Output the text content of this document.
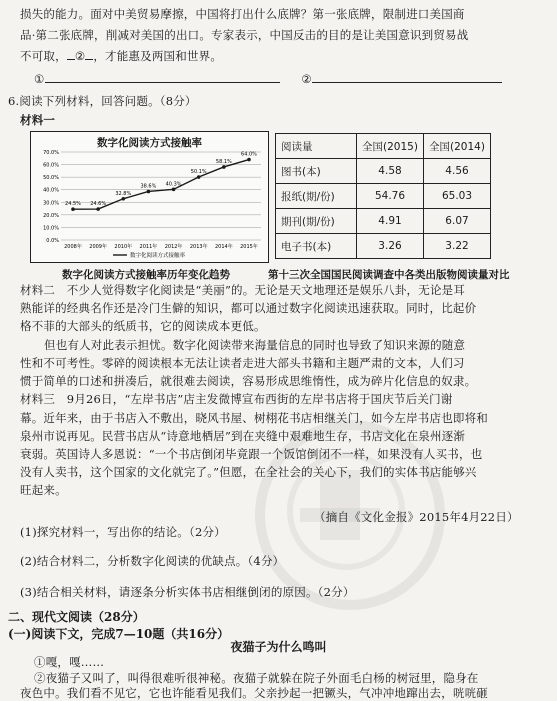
损失的能力。面对中美贸易摩擦，中国将打出什么底牌？第一张底牌，限制进口美国商
品·第二张底牌，削减对美国的出口。专家表示，中国反击的目的是让美国意识到贸易战
不可取， ② ，才能惠及两国和世界。
①	②
6.阅读下列材料，回答问题。（8分）
材料一
数字化阅读方式接触率
70.0%
60.0%
50.0%
40.0%
30.0%
20.0%
10.0%
0.0%
2008年 2009年 2010年 2011年 2012年 2013年 2014年 2015年
24.5% 24.6%
32.8%
38.6% 40.3%
50.1%
58.1%
64.0%
数字化阅读方式接触率
阅读量	全国(2015)	全国(2014)
图书(本)	4.58	4.56
报纸(期/份)	54.76	65.03
期刊(期/份)	4.91	6.07
电子书(本)	3.26	3.22
数字化阅读方式接触率历年变化趋势	第十三次全国国民阅读调查中各类出版物阅读量对比
材料二　不少人觉得数字化阅读是“美丽”的。无论是天文地理还是娱乐八卦，无论是耳
熟能详的经典名作还是冷门生僻的知识，都可以通过数字化阅读迅速获取。同时，比起价
格不菲的大部头的纸质书，它的阅读成本更低。
但也有人对此表示担忧。数字化阅读带来海量信息的同时也导致了知识来源的随意
性和不可考性。零碎的阅读根本无法让读者走进大部头书籍和主题严肃的文本，人们习
惯于简单的口述和拼凑后，就很难去阅读，容易形成思维惰性，成为碎片化信息的奴隶。
材料三　9月26日，“左岸书店”店主发微博宣布西街的左岸书店将于国庆节后关门谢
幕。近年来，由于书店入不敷出，晓风书屋、树栩花书店相继关门，如今左岸书店也即将和
泉州市说再见。民营书店从“诗意地栖居”到在夹缝中艰难地生存，书店文化在泉州逐渐
衰弱。英国诗人多恩说：“一个书店倒闭毕竟跟一个饭馆倒闭不一样，如果没有人买书，也
没有人卖书，这个国家的文化就完了。”但愿，在全社会的关心下，我们的实体书店能够兴
旺起来。
（摘自《文化金报》2015年4月22日）
(1)探究材料一，写出你的结论。（2分）
(2)结合材料二，分析数字化阅读的优缺点。（4分）
(3)结合相关材料，请逐条分析实体书店相继倒闭的原因。（2分）
二、现代文阅读（28分）
(一)阅读下文，完成7—10题（共16分）
夜猫子为什么鸣叫
①嘎，嘎……
②夜猫子又叫了，叫得很难听很神秘。夜猫子就躲在院子外面毛白杨的树冠里，隐身在
夜色中。我们看不见它，它也许能看见我们。父亲抄起一把镢头，气冲冲地蹿出去，咣咣砸
